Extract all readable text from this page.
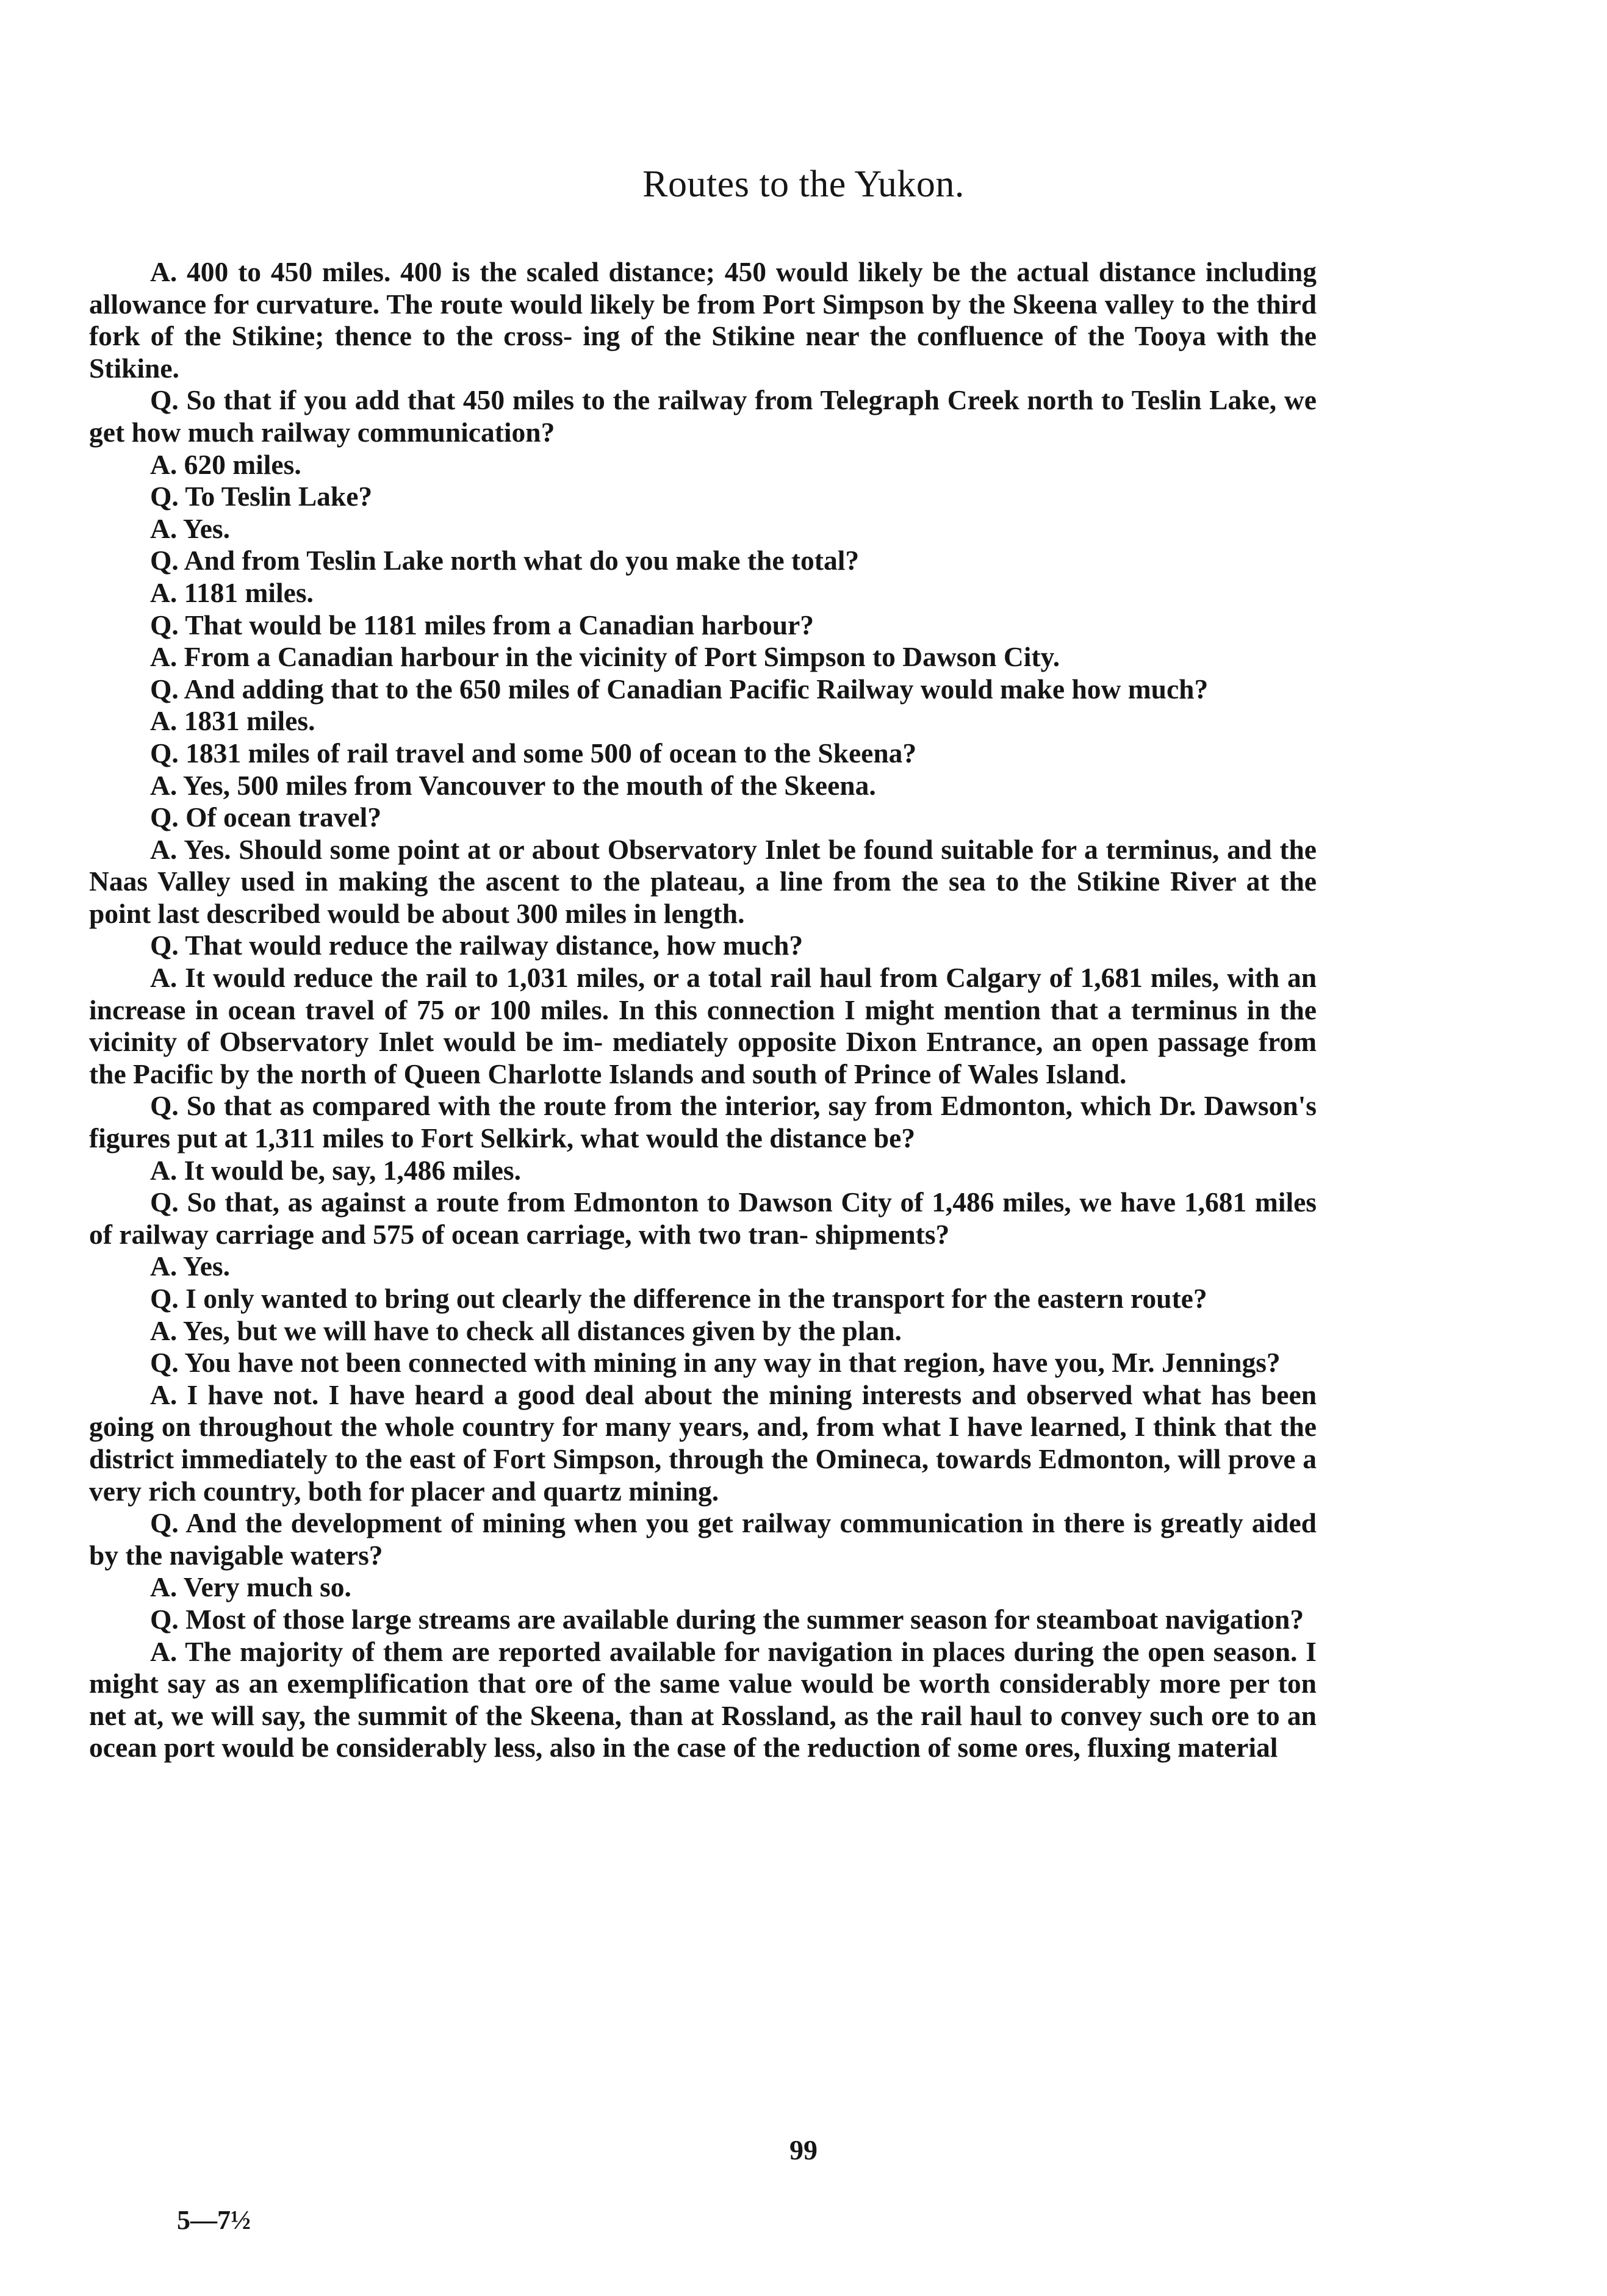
Routes to the Yukon.

A. 400 to 450 miles. 400 is the scaled distance; 450 would likely be the actual distance including allowance for curvature. The route would likely be from Port Simpson by the Skeena valley to the third fork of the Stikine; thence to the cross- ing of the Stikine near the confluence of the Tooya with the Stikine.

Q. So that if you add that 450 miles to the railway from Telegraph Creek north to Teslin Lake, we get how much railway communication?

A. 620 miles.

Q. To Teslin Lake?

A. Yes.

Q. And from Teslin Lake north what do you make the total?

A. 1181 miles.

Q. That would be 1181 miles from a Canadian harbour?

A. From a Canadian harbour in the vicinity of Port Simpson to Dawson City.

Q. And adding that to the 650 miles of Canadian Pacific Railway would make how much?

A. 1831 miles.

Q. 1831 miles of rail travel and some 500 of ocean to the Skeena?

A. Yes, 500 miles from Vancouver to the mouth of the Skeena.

Q. Of ocean travel?

A. Yes. Should some point at or about Observatory Inlet be found suitable for a terminus, and the Naas Valley used in making the ascent to the plateau, a line from the sea to the Stikine River at the point last described would be about 300 miles in length.

Q. That would reduce the railway distance, how much?

A. It would reduce the rail to 1,031 miles, or a total rail haul from Calgary of 1,681 miles, with an increase in ocean travel of 75 or 100 miles. In this connection I might mention that a terminus in the vicinity of Observatory Inlet would be im- mediately opposite Dixon Entrance, an open passage from the Pacific by the north of Queen Charlotte Islands and south of Prince of Wales Island.

Q. So that as compared with the route from the interior, say from Edmonton, which Dr. Dawson's figures put at 1,311 miles to Fort Selkirk, what would the distance be?

A. It would be, say, 1,486 miles.

Q. So that, as against a route from Edmonton to Dawson City of 1,486 miles, we have 1,681 miles of railway carriage and 575 of ocean carriage, with two tran- shipments?

A. Yes.

Q. I only wanted to bring out clearly the difference in the transport for the eastern route?

A. Yes, but we will have to check all distances given by the plan.

Q. You have not been connected with mining in any way in that region, have you, Mr. Jennings?

A. I have not. I have heard a good deal about the mining interests and observed what has been going on throughout the whole country for many years, and, from what I have learned, I think that the district immediately to the east of Fort Simpson, through the Omineca, towards Edmonton, will prove a very rich country, both for placer and quartz mining.

Q. And the development of mining when you get railway communication in there is greatly aided by the navigable waters?

A. Very much so.

Q. Most of those large streams are available during the summer season for steamboat navigation?

A. The majority of them are reported available for navigation in places during the open season. I might say as an exemplification that ore of the same value would be worth considerably more per ton net at, we will say, the summit of the Skeena, than at Rossland, as the rail haul to convey such ore to an ocean port would be considerably less, also in the case of the reduction of some ores, fluxing material

99
5—7½
